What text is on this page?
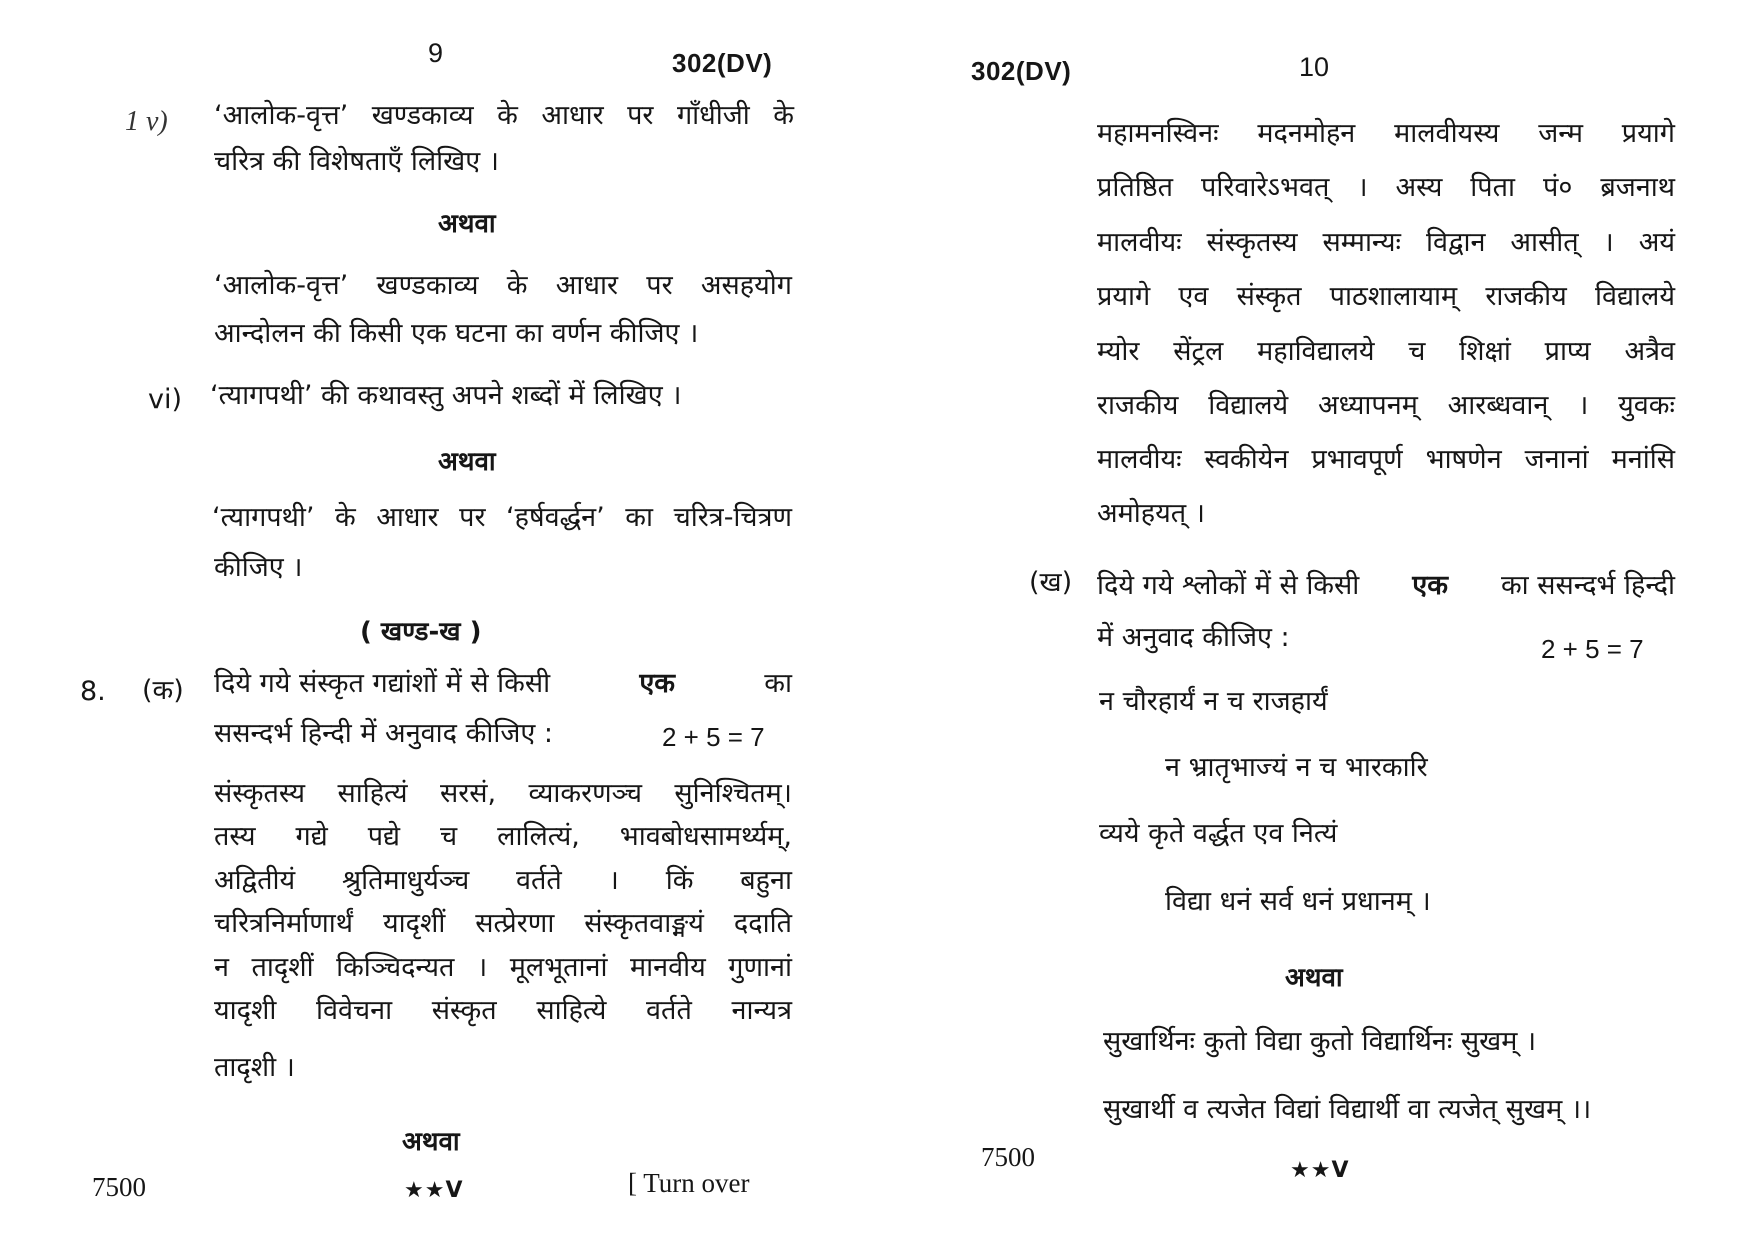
9	302(DV)
1 v) ‘आलोक-वृत्त’ खण्डकाव्य के आधार पर गाँधीजी के
चरित्र की विशेषताएँ लिखिए ।
अथवा
‘आलोक-वृत्त’ खण्डकाव्य के आधार पर असहयोग
आन्दोलन की किसी एक घटना का वर्णन कीजिए ।
vi) ‘त्यागपथी’ की कथावस्तु अपने शब्दों में लिखिए ।
अथवा
‘त्यागपथी’ के आधार पर ‘हर्षवर्द्धन’ का चरित्र-चित्रण
कीजिए ।
( खण्ड-ख )
8. (क) दिये गये संस्कृत गद्यांशों में से किसी	एक	का
ससन्दर्भ हिन्दी में अनुवाद कीजिए :	2 + 5 = 7
संस्कृतस्य साहित्यं सरसं, व्याकरणञ्च सुनिश्चितम्।
तस्य गद्ये पद्ये च लालित्यं, भावबोधसामर्थ्यम्,
अद्वितीयं श्रुतिमाधुर्यञ्च वर्तते । किं बहुना
चरित्रनिर्माणार्थं यादृशीं सत्प्रेरणा संस्कृतवाङ्मयं ददाति
न तादृशीं किञ्चिदन्यत । मूलभूतानां मानवीय गुणानां
यादृशी विवेचना संस्कृत साहित्ये वर्तते नान्यत्र
तादृशी ।
अथवा
7500	★★V	[ Turn over
302(DV)	10
महामनस्विनः मदनमोहन मालवीयस्य जन्म प्रयागे
प्रतिष्ठित परिवारेऽभवत् । अस्य पिता पं० ब्रजनाथ
मालवीयः संस्कृतस्य सम्मान्यः विद्वान आसीत् । अयं
प्रयागे एव संस्कृत पाठशालायाम् राजकीय विद्यालये
म्योर सेंट्रल महाविद्यालये च शिक्षां प्राप्य अत्रैव
राजकीय विद्यालये अध्यापनम् आरब्धवान् । युवकः
मालवीयः स्वकीयेन प्रभावपूर्ण भाषणेन जनानां मनांसि
अमोहयत् ।
(ख) दिये गये श्लोकों में से किसी एक का ससन्दर्भ हिन्दी
में अनुवाद कीजिए :	2 + 5 = 7
न चौरहार्यं न च राजहार्यं
न भ्रातृभाज्यं न च भारकारि
व्यये कृते वर्द्धत एव नित्यं
विद्या धनं सर्व धनं प्रधानम् ।
अथवा
सुखार्थिनः कुतो विद्या कुतो विद्यार्थिनः सुखम् ।
सुखार्थी व त्यजेत विद्यां विद्यार्थी वा त्यजेत् सुखम् ।।
7500	★★V
